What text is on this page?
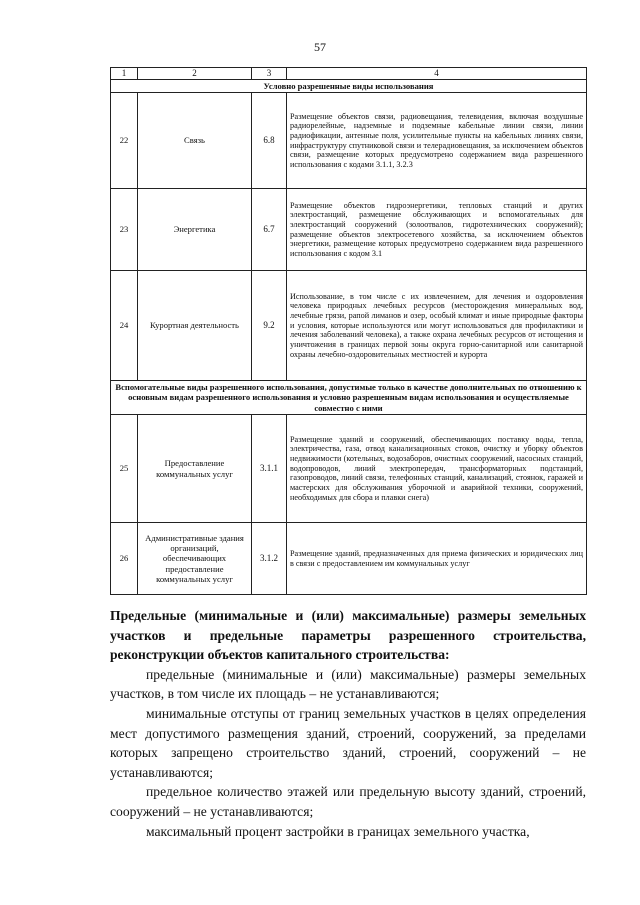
57
1	2	3	4
Условно разрешенные виды использования			
22	Связь	6.8	Размещение объектов связи, радиовещания, телевидения, включая воздушные радиорелейные, надземные и подземные кабельные линии связи, линии радиофикации, антенные поля, усилительные пункты на кабельных линиях связи, инфраструктуру спутниковой связи и телерадиовещания, за исключением объектов связи, размещение которых предусмотрено содержанием вида разрешенного использования с кодами 3.1.1, 3.2.3
23	Энергетика	6.7	Размещение объектов гидроэнергетики, тепловых станций и других электростанций, размещение обслуживающих и вспомогательных для электростанций сооружений (золоотвалов, гидротехнических сооружений); размещение объектов электросетевого хозяйства, за исключением объектов энергетики, размещение которых предусмотрено содержанием вида разрешенного использования с кодом 3.1
24	Курортная деятельность	9.2	Использование, в том числе с их извлечением, для лечения и оздоровления человека природных лечебных ресурсов (месторождения минеральных вод, лечебные грязи, рапой лиманов и озер, особый климат и иные природные факторы и условия, которые используются или могут использоваться для профилактики и лечения заболеваний человека), а также охрана лечебных ресурсов от истощения и уничтожения в границах первой зоны округа горно-санитарной или санитарной охраны лечебно-оздоровительных местностей и курорта
Вспомогательные виды разрешенного использования, допустимые только в качестве дополнительных по отношению к основным видам разрешенного использования и условно разрешенным видам использования и осуществляемые совместно с ними			
25	Предоставление коммунальных услуг	3.1.1	Размещение зданий и сооружений, обеспечивающих поставку воды, тепла, электричества, газа, отвод канализационных стоков, очистку и уборку объектов недвижимости (котельных, водозаборов, очистных сооружений, насосных станций, водопроводов, линий электропередач, трансформаторных подстанций, газопроводов, линий связи, телефонных станций, канализаций, стоянок, гаражей и мастерских для обслуживания уборочной и аварийной техники, сооружений, необходимых для сбора и плавки снега)
26	Административные здания организаций, обеспечивающих предоставление коммунальных услуг	3.1.2	Размещение зданий, предназначенных для приема физических и юридических лиц в связи с предоставлением им коммунальных услуг

Предельные (минимальные и (или) максимальные) размеры земельных участков и предельные параметры разрешенного строительства, реконструкции объектов капитального строительства:

предельные (минимальные и (или) максимальные) размеры земельных участков, в том числе их площадь – не устанавливаются;

минимальные отступы от границ земельных участков в целях определения мест допустимого размещения зданий, строений, сооружений, за пределами которых запрещено строительство зданий, строений, сооружений – не устанавливаются;

предельное количество этажей или предельную высоту зданий, строений, сооружений – не устанавливаются;

максимальный процент застройки в границах земельного участка,
